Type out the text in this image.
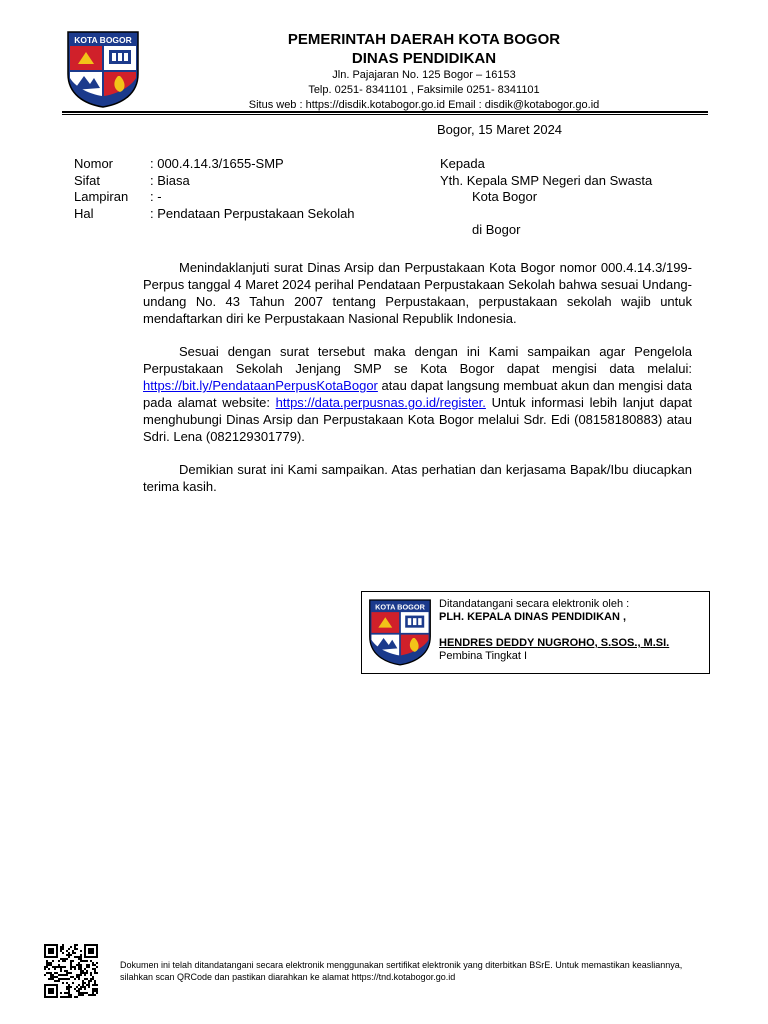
KOTA BOGOR	PEMERINTAH DAERAH KOTA BOGOR
DINAS PENDIDIKAN
Jln. Pajajaran No. 125 Bogor – 16153
Telp. 0251- 8341101 , Faksimile 0251- 8341101
Situs web : https://disdik.kotabogor.go.id Email : disdik@kotabogor.go.id
Bogor, 15 Maret 2024
Nomor	: 000.4.14.3/1655-SMP
Sifat	: Biasa
Lampiran	: -
Hal	: Pendataan Perpustakaan Sekolah
Kepada
Yth. Kepala SMP Negeri dan Swasta
Kota Bogor
di Bogor

Menindaklanjuti surat Dinas Arsip dan Perpustakaan Kota Bogor nomor 000.4.14.3/199-Perpus tanggal 4 Maret 2024 perihal Pendataan Perpustakaan Sekolah bahwa sesuai Undang-undang No. 43 Tahun 2007 tentang Perpustakaan, perpustakaan sekolah wajib untuk mendaftarkan diri ke Perpustakaan Nasional Republik Indonesia.

Sesuai dengan surat tersebut maka dengan ini Kami sampaikan agar Pengelola Perpustakaan Sekolah Jenjang SMP se Kota Bogor dapat mengisi data melalui: https://bit.ly/PendataanPerpusKotaBogor atau dapat langsung membuat akun dan mengisi data pada alamat website: https://data.perpusnas.go.id/register. Untuk informasi lebih lanjut dapat menghubungi Dinas Arsip dan Perpustakaan Kota Bogor melalui Sdr. Edi (08158180883) atau Sdri. Lena (082129301779).

Demikian surat ini Kami sampaikan. Atas perhatian dan kerjasama Bapak/Ibu diucapkan terima kasih.

KOTA BOGOR Ditandatangani secara elektronik oleh :
PLH. KEPALA DINAS PENDIDIKAN ,
HENDRES DEDDY NUGROHO, S.SOS., M.SI.
Pembina Tingkat I
Dokumen ini telah ditandatangani secara elektronik menggunakan sertifikat elektronik yang diterbitkan BSrE. Untuk memastikan keasliannya, silahkan scan QRCode dan pastikan diarahkan ke alamat https://tnd.kotabogor.go.id
